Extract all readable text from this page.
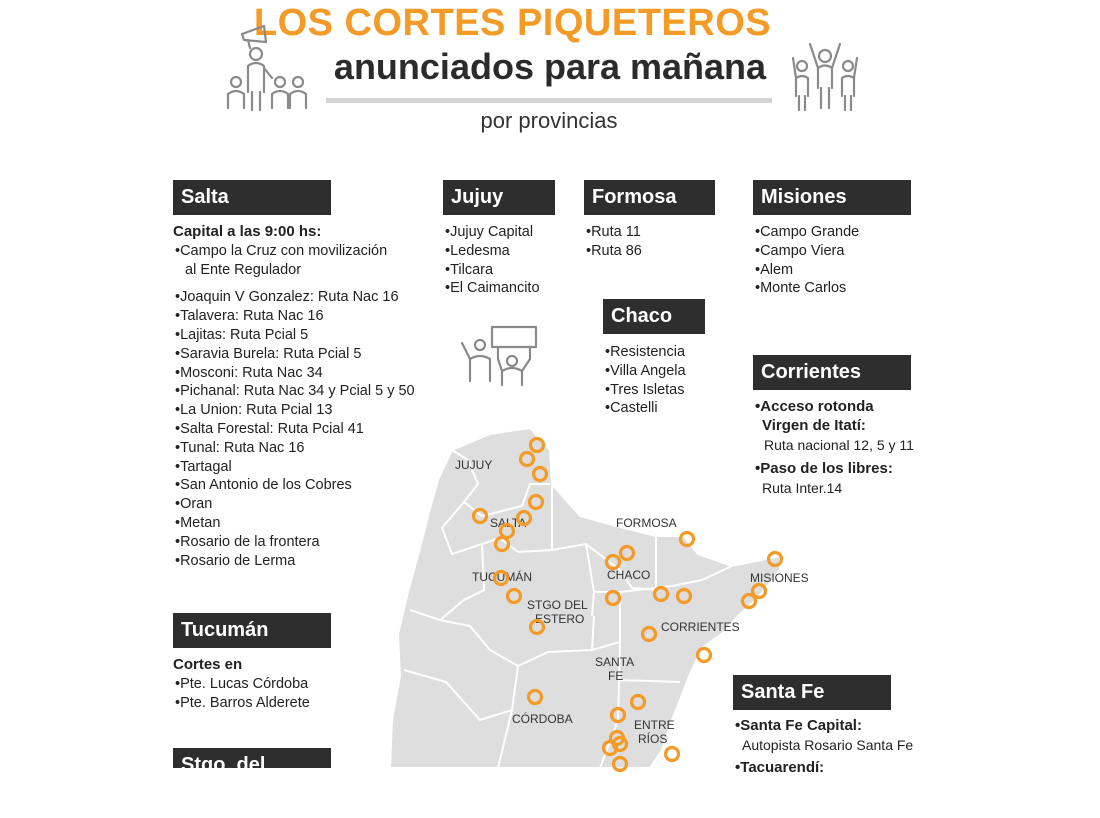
LOS CORTES PIQUETEROS
anunciados para mañana
por provincias
JUJUY
SALTA	FORMOSA
CHACO
TUCUMÁN
STGO DEL
ESTERO
MISIONES
CORRIENTES
SANTA
FE
CÓRDOBA	ENTRE
RÍOS
Salta
Capital a las 9:00 hs:
• Campo la Cruz con movilización
al Ente Regulador
• Joaquin V Gonzalez: Ruta Nac 16
• Talavera: Ruta Nac 16
• Lajitas: Ruta Pcial 5
• Saravia Burela: Ruta Pcial 5
• Mosconi: Ruta Nac 34
• Pichanal: Ruta Nac 34 y Pcial 5 y 50
• La Union: Ruta Pcial 13
• Salta Forestal: Ruta Pcial 41
• Tunal: Ruta Nac 16
• Tartagal
• San Antonio de los Cobres
• Oran
• Metan
• Rosario de la frontera
• Rosario de Lerma
Tucumán
Cortes en
• Pte. Lucas Córdoba
• Pte. Barros Alderete
Stgo. del Estero
Jujuy
• Jujuy Capital
• Ledesma
• Tilcara
• El Caimancito
Formosa
• Ruta 11
• Ruta 86
Chaco
• Resistencia
• Villa Angela
• Tres Isletas
• Castelli
Misiones
• Campo Grande
• Campo Viera
• Alem
• Monte Carlos
Corrientes
• Acceso rotonda
Virgen de Itatí:
Ruta nacional 12, 5 y 11
• Paso de los libres:
Ruta Inter.14
Santa Fe
• Santa Fe Capital:
Autopista Rosario Santa Fe
• Tacuarendí:
